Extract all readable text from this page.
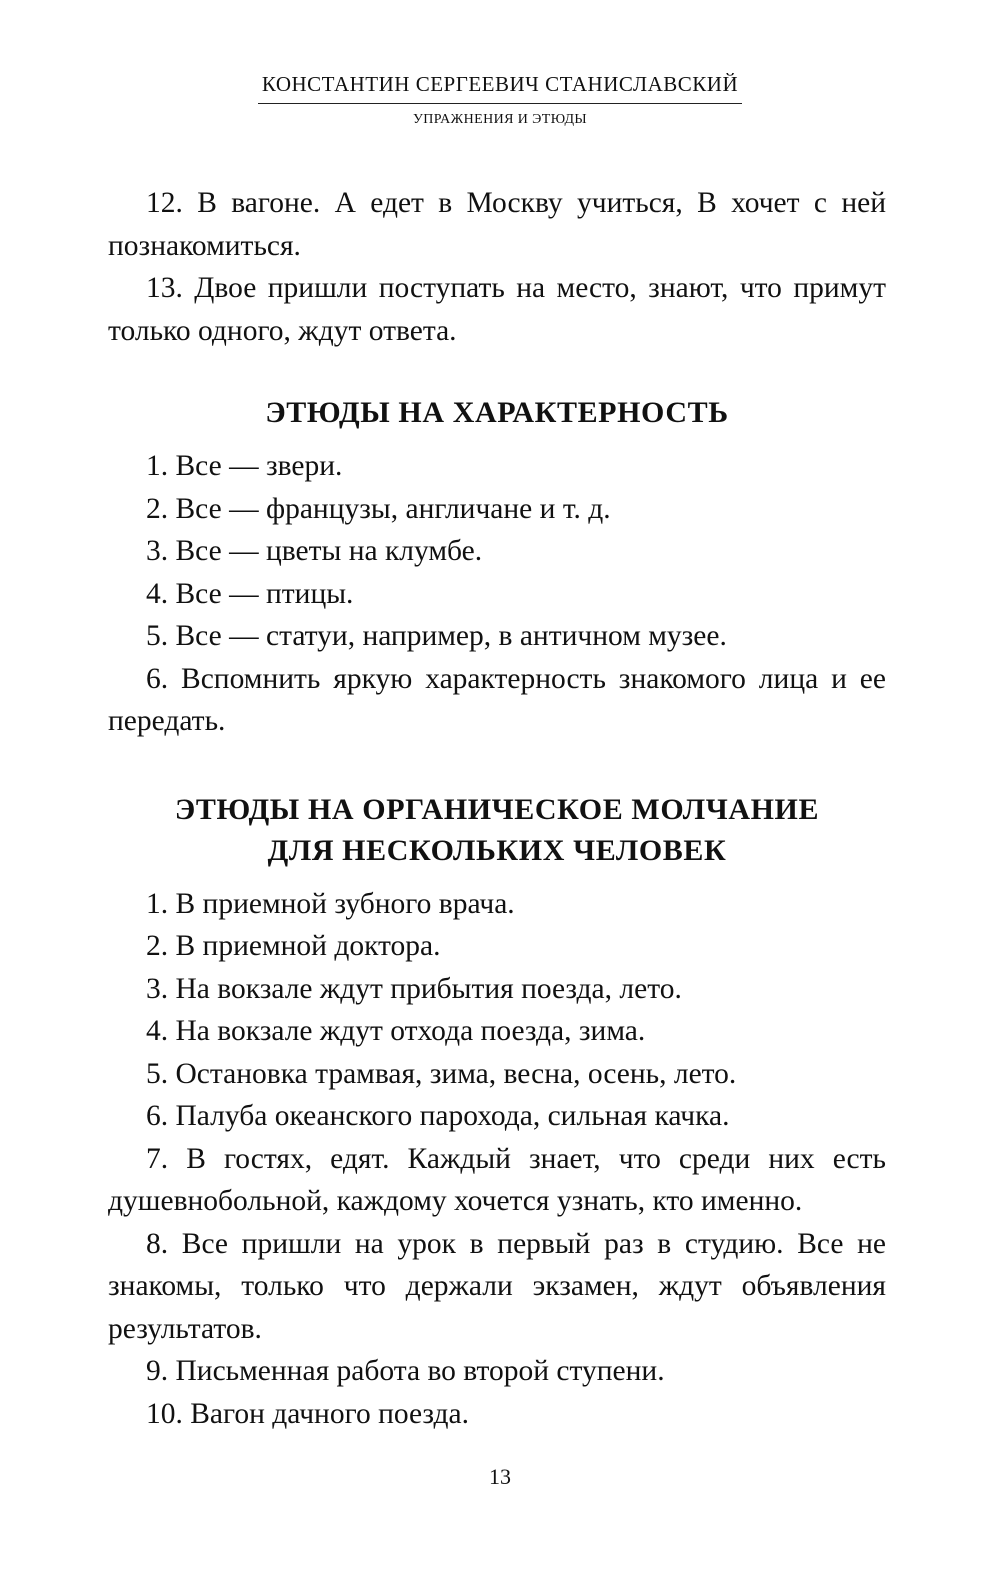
КОНСТАНТИН СЕРГЕЕВИЧ СТАНИСЛАВСКИЙ
УПРАЖНЕНИЯ И ЭТЮДЫ

12. В вагоне. А едет в Москву учиться, В хочет с ней познакомиться.

13. Двое пришли поступать на место, знают, что примут только одного, ждут ответа.

ЭТЮДЫ НА ХАРАКТЕРНОСТЬ

1. Все — звери.

2. Все — французы, англичане и т. д.

3. Все — цветы на клумбе.

4. Все — птицы.

5. Все — статуи, например, в античном музее.

6. Вспомнить яркую характерность знакомого лица и ее передать.

ЭТЮДЫ НА ОРГАНИЧЕСКОЕ МОЛЧАНИЕ
ДЛЯ НЕСКОЛЬКИХ ЧЕЛОВЕК

1. В приемной зубного врача.

2. В приемной доктора.

3. На вокзале ждут прибытия поезда, лето.

4. На вокзале ждут отхода поезда, зима.

5. Остановка трамвая, зима, весна, осень, лето.

6. Палуба океанского парохода, сильная качка.

7. В гостях, едят. Каждый знает, что среди них есть душевнобольной, каждому хочется узнать, кто именно.

8. Все пришли на урок в первый раз в студию. Все не знакомы, только что держали экзамен, ждут объявления результатов.

9. Письменная работа во второй ступени.

10. Вагон дачного поезда.

13
